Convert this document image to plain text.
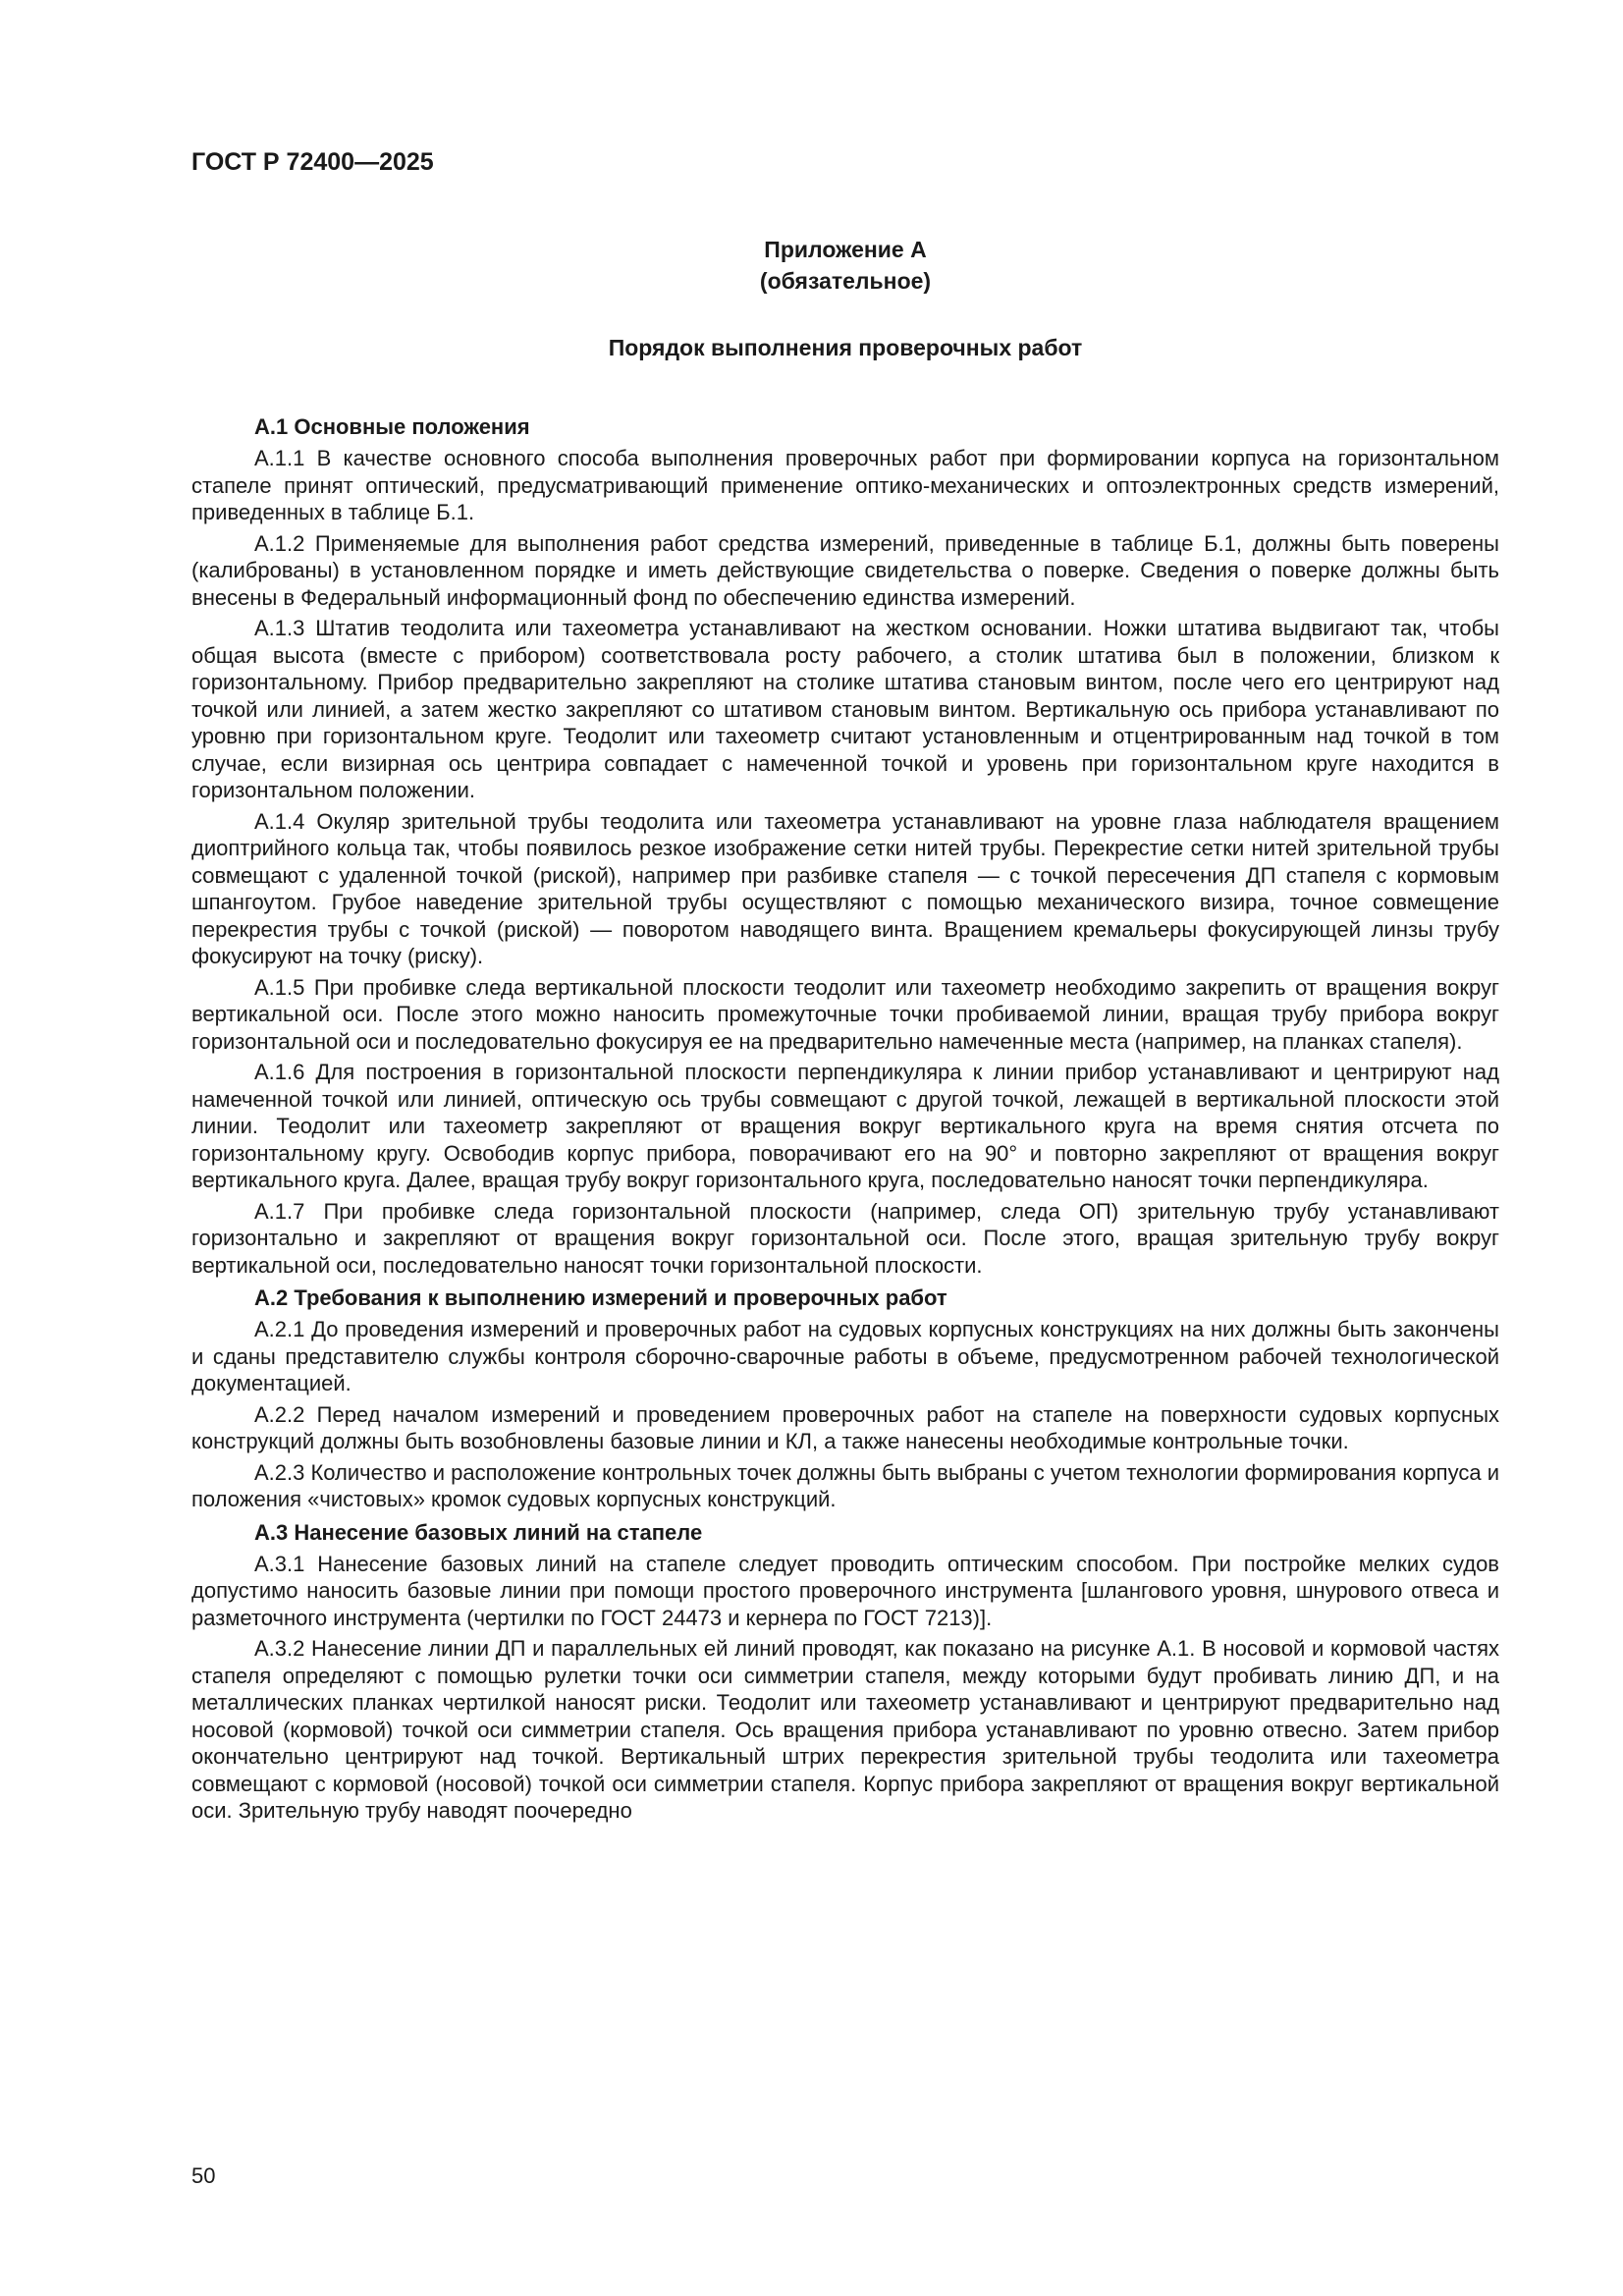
ГОСТ Р 72400—2025
Приложение А
(обязательное)
Порядок выполнения проверочных работ
А.1 Основные положения

А.1.1 В качестве основного способа выполнения проверочных работ при формировании корпуса на горизонтальном стапеле принят оптический, предусматривающий применение оптико-механических и оптоэлектронных средств измерений, приведенных в таблице Б.1.

А.1.2 Применяемые для выполнения работ средства измерений, приведенные в таблице Б.1, должны быть поверены (калиброваны) в установленном порядке и иметь действующие свидетельства о поверке. Сведения о поверке должны быть внесены в Федеральный информационный фонд по обеспечению единства измерений.

А.1.3 Штатив теодолита или тахеометра устанавливают на жестком основании. Ножки штатива выдвигают так, чтобы общая высота (вместе с прибором) соответствовала росту рабочего, а столик штатива был в положении, близком к горизонтальному. Прибор предварительно закрепляют на столике штатива становым винтом, после чего его центрируют над точкой или линией, а затем жестко закрепляют со штативом становым винтом. Вертикальную ось прибора устанавливают по уровню при горизонтальном круге. Теодолит или тахеометр считают установленным и отцентрированным над точкой в том случае, если визирная ось центрира совпадает с намеченной точкой и уровень при горизонтальном круге находится в горизонтальном положении.

А.1.4 Окуляр зрительной трубы теодолита или тахеометра устанавливают на уровне глаза наблюдателя вращением диоптрийного кольца так, чтобы появилось резкое изображение сетки нитей трубы. Перекрестие сетки нитей зрительной трубы совмещают с удаленной точкой (риской), например при разбивке стапеля — с точкой пересечения ДП стапеля с кормовым шпангоутом. Грубое наведение зрительной трубы осуществляют с помощью механического визира, точное совмещение перекрестия трубы с точкой (риской) — поворотом наводящего винта. Вращением кремальеры фокусирующей линзы трубу фокусируют на точку (риску).

А.1.5 При пробивке следа вертикальной плоскости теодолит или тахеометр необходимо закрепить от вращения вокруг вертикальной оси. После этого можно наносить промежуточные точки пробиваемой линии, вращая трубу прибора вокруг горизонтальной оси и последовательно фокусируя ее на предварительно намеченные места (например, на планках стапеля).

А.1.6 Для построения в горизонтальной плоскости перпендикуляра к линии прибор устанавливают и центрируют над намеченной точкой или линией, оптическую ось трубы совмещают с другой точкой, лежащей в вертикальной плоскости этой линии. Теодолит или тахеометр закрепляют от вращения вокруг вертикального круга на время снятия отсчета по горизонтальному кругу. Освободив корпус прибора, поворачивают его на 90° и повторно закрепляют от вращения вокруг вертикального круга. Далее, вращая трубу вокруг горизонтального круга, последовательно наносят точки перпендикуляра.

А.1.7 При пробивке следа горизонтальной плоскости (например, следа ОП) зрительную трубу устанавливают горизонтально и закрепляют от вращения вокруг горизонтальной оси. После этого, вращая зрительную трубу вокруг вертикальной оси, последовательно наносят точки горизонтальной плоскости.

А.2 Требования к выполнению измерений и проверочных работ

А.2.1 До проведения измерений и проверочных работ на судовых корпусных конструкциях на них должны быть закончены и сданы представителю службы контроля сборочно-сварочные работы в объеме, предусмотренном рабочей технологической документацией.

А.2.2 Перед началом измерений и проведением проверочных работ на стапеле на поверхности судовых корпусных конструкций должны быть возобновлены базовые линии и КЛ, а также нанесены необходимые контрольные точки.

А.2.3 Количество и расположение контрольных точек должны быть выбраны с учетом технологии формирования корпуса и положения «чистовых» кромок судовых корпусных конструкций.

А.3 Нанесение базовых линий на стапеле

А.3.1 Нанесение базовых линий на стапеле следует проводить оптическим способом. При постройке мелких судов допустимо наносить базовые линии при помощи простого проверочного инструмента [шлангового уровня, шнурового отвеса и разметочного инструмента (чертилки по ГОСТ 24473 и кернера по ГОСТ 7213)].

А.3.2 Нанесение линии ДП и параллельных ей линий проводят, как показано на рисунке А.1. В носовой и кормовой частях стапеля определяют с помощью рулетки точки оси симметрии стапеля, между которыми будут пробивать линию ДП, и на металлических планках чертилкой наносят риски. Теодолит или тахеометр устанавливают и центрируют предварительно над носовой (кормовой) точкой оси симметрии стапеля. Ось вращения прибора устанавливают по уровню отвесно. Затем прибор окончательно центрируют над точкой. Вертикальный штрих перекрестия зрительной трубы теодолита или тахеометра совмещают с кормовой (носовой) точкой оси симметрии стапеля. Корпус прибора закрепляют от вращения вокруг вертикальной оси. Зрительную трубу наводят поочередно

50
